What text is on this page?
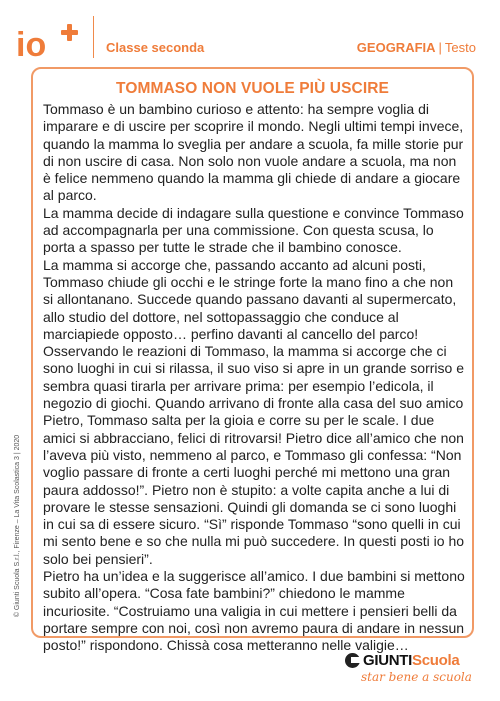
io	Classe seconda	GEOGRAFIA | Testo
TOMMASO NON VUOLE PIÙ USCIRE

Tommaso è un bambino curioso e attento: ha sempre voglia di imparare e di uscire per scoprire il mondo. Negli ultimi tempi invece, quando la mamma lo sveglia per andare a scuola, fa mille storie pur di non uscire di casa. Non solo non vuole andare a scuola, ma non è felice nemmeno quando la mamma gli chiede di andare a giocare al parco.

La mamma decide di indagare sulla questione e convince Tommaso ad accompagnarla per una commissione. Con questa scusa, lo porta a spasso per tutte le strade che il bambino conosce.

La mamma si accorge che, passando accanto ad alcuni posti, Tommaso chiude gli occhi e le stringe forte la mano fino a che non si allontanano. Succede quando passano davanti al supermercato, allo studio del dottore, nel sottopassaggio che conduce al marciapiede opposto… perfino davanti al cancello del parco!

Osservando le reazioni di Tommaso, la mamma si accorge che ci sono luoghi in cui si rilassa, il suo viso si apre in un grande sorriso e sembra quasi tirarla per arrivare prima: per esempio l’edicola, il negozio di giochi. Quando arrivano di fronte alla casa del suo amico Pietro, Tommaso salta per la gioia e corre su per le scale. I due amici si abbracciano, felici di ritrovarsi! Pietro dice all’amico che non l’aveva più visto, nemmeno al parco, e Tommaso gli confessa: “Non voglio passare di fronte a certi luoghi perché mi mettono una gran paura addosso!”. Pietro non è stupito: a volte capita anche a lui di provare le stesse sensazioni. Quindi gli domanda se ci sono luoghi in cui sa di essere sicuro. “Sì” risponde Tommaso “sono quelli in cui mi sento bene e so che nulla mi può succedere. In questi posti io ho solo bei pensieri”.

Pietro ha un’idea e la suggerisce all’amico. I due bambini si mettono subito all’opera. “Cosa fate bambini?” chiedono le mamme incuriosite. “Costruiamo una valigia in cui mettere i pensieri belli da portare sempre con noi, così non avremo paura di andare in nessun posto!” rispondono. Chissà cosa metteranno nelle valigie…

© Giunti Scuola S.r.l., Firenze – La Vita Scolastica 3 | 2020
GIUNTI Scuola
star bene a scuola
